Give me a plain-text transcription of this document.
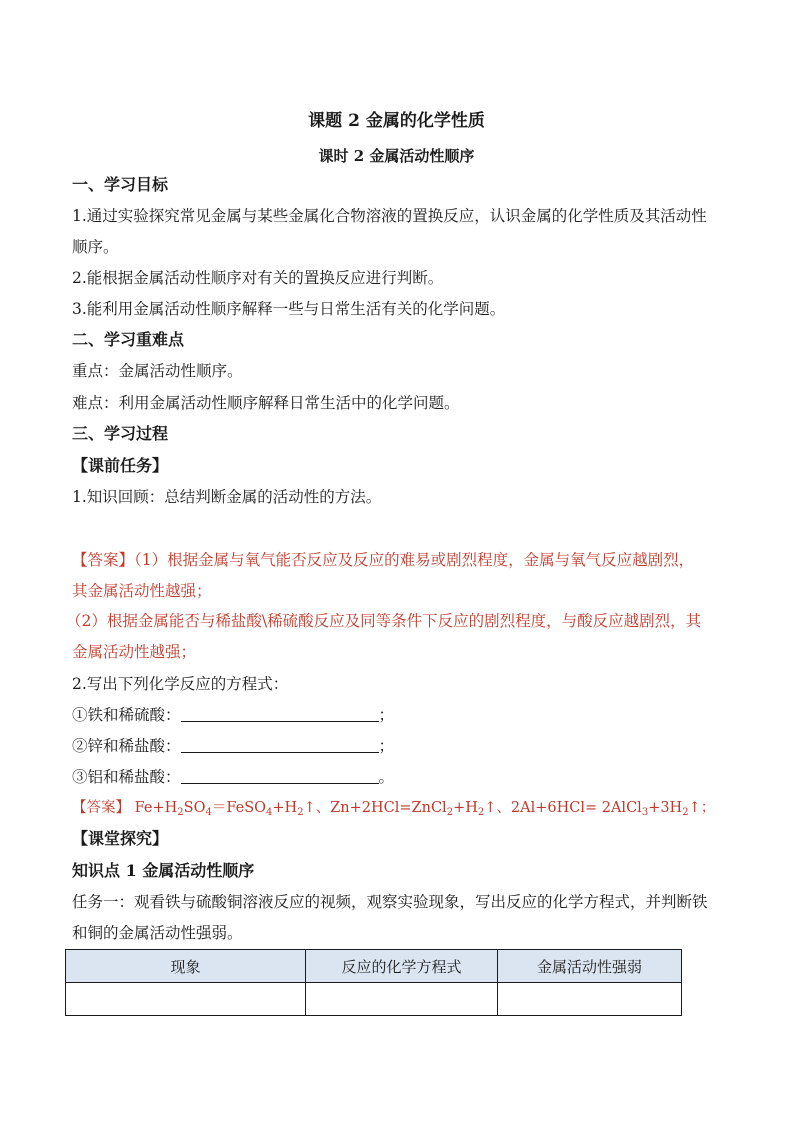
课题 2 金属的化学性质
课时 2 金属活动性顺序
一、学习目标
1.通过实验探究常见金属与某些金属化合物溶液的置换反应，认识金属的化学性质及其活动性
顺序。
2.能根据金属活动性顺序对有关的置换反应进行判断。
3.能利用金属活动性顺序解释一些与日常生活有关的化学问题。
二、学习重难点
重点：金属活动性顺序。
难点：利用金属活动性顺序解释日常生活中的化学问题。
三、学习过程
【课前任务】
1.知识回顾：总结判断金属的活动性的方法。
【答案】（1）根据金属与氧气能否反应及反应的难易或剧烈程度，金属与氧气反应越剧烈，
其金属活动性越强；
（2）根据金属能否与稀盐酸\稀硫酸反应及同等条件下反应的剧烈程度，与酸反应越剧烈，其
金属活动性越强；
2.写出下列化学反应的方程式：
①铁和稀硫酸：	；
②锌和稀盐酸：	；
③铝和稀盐酸：	。
【答案】 $Fe+H_2SO_4=FeSO_4+H_2↑$、$Zn+2HCl=ZnCl_2+H_2↑$、$2Al+6HCl= 2AlCl_3+3H_2↑$；
【课堂探究】
知识点 1 金属活动性顺序
任务一：观看铁与硫酸铜溶液反应的视频，观察实验现象，写出反应的化学方程式，并判断铁
和铜的金属活动性强弱。
现象	反应的化学方程式	金属活动性强弱
